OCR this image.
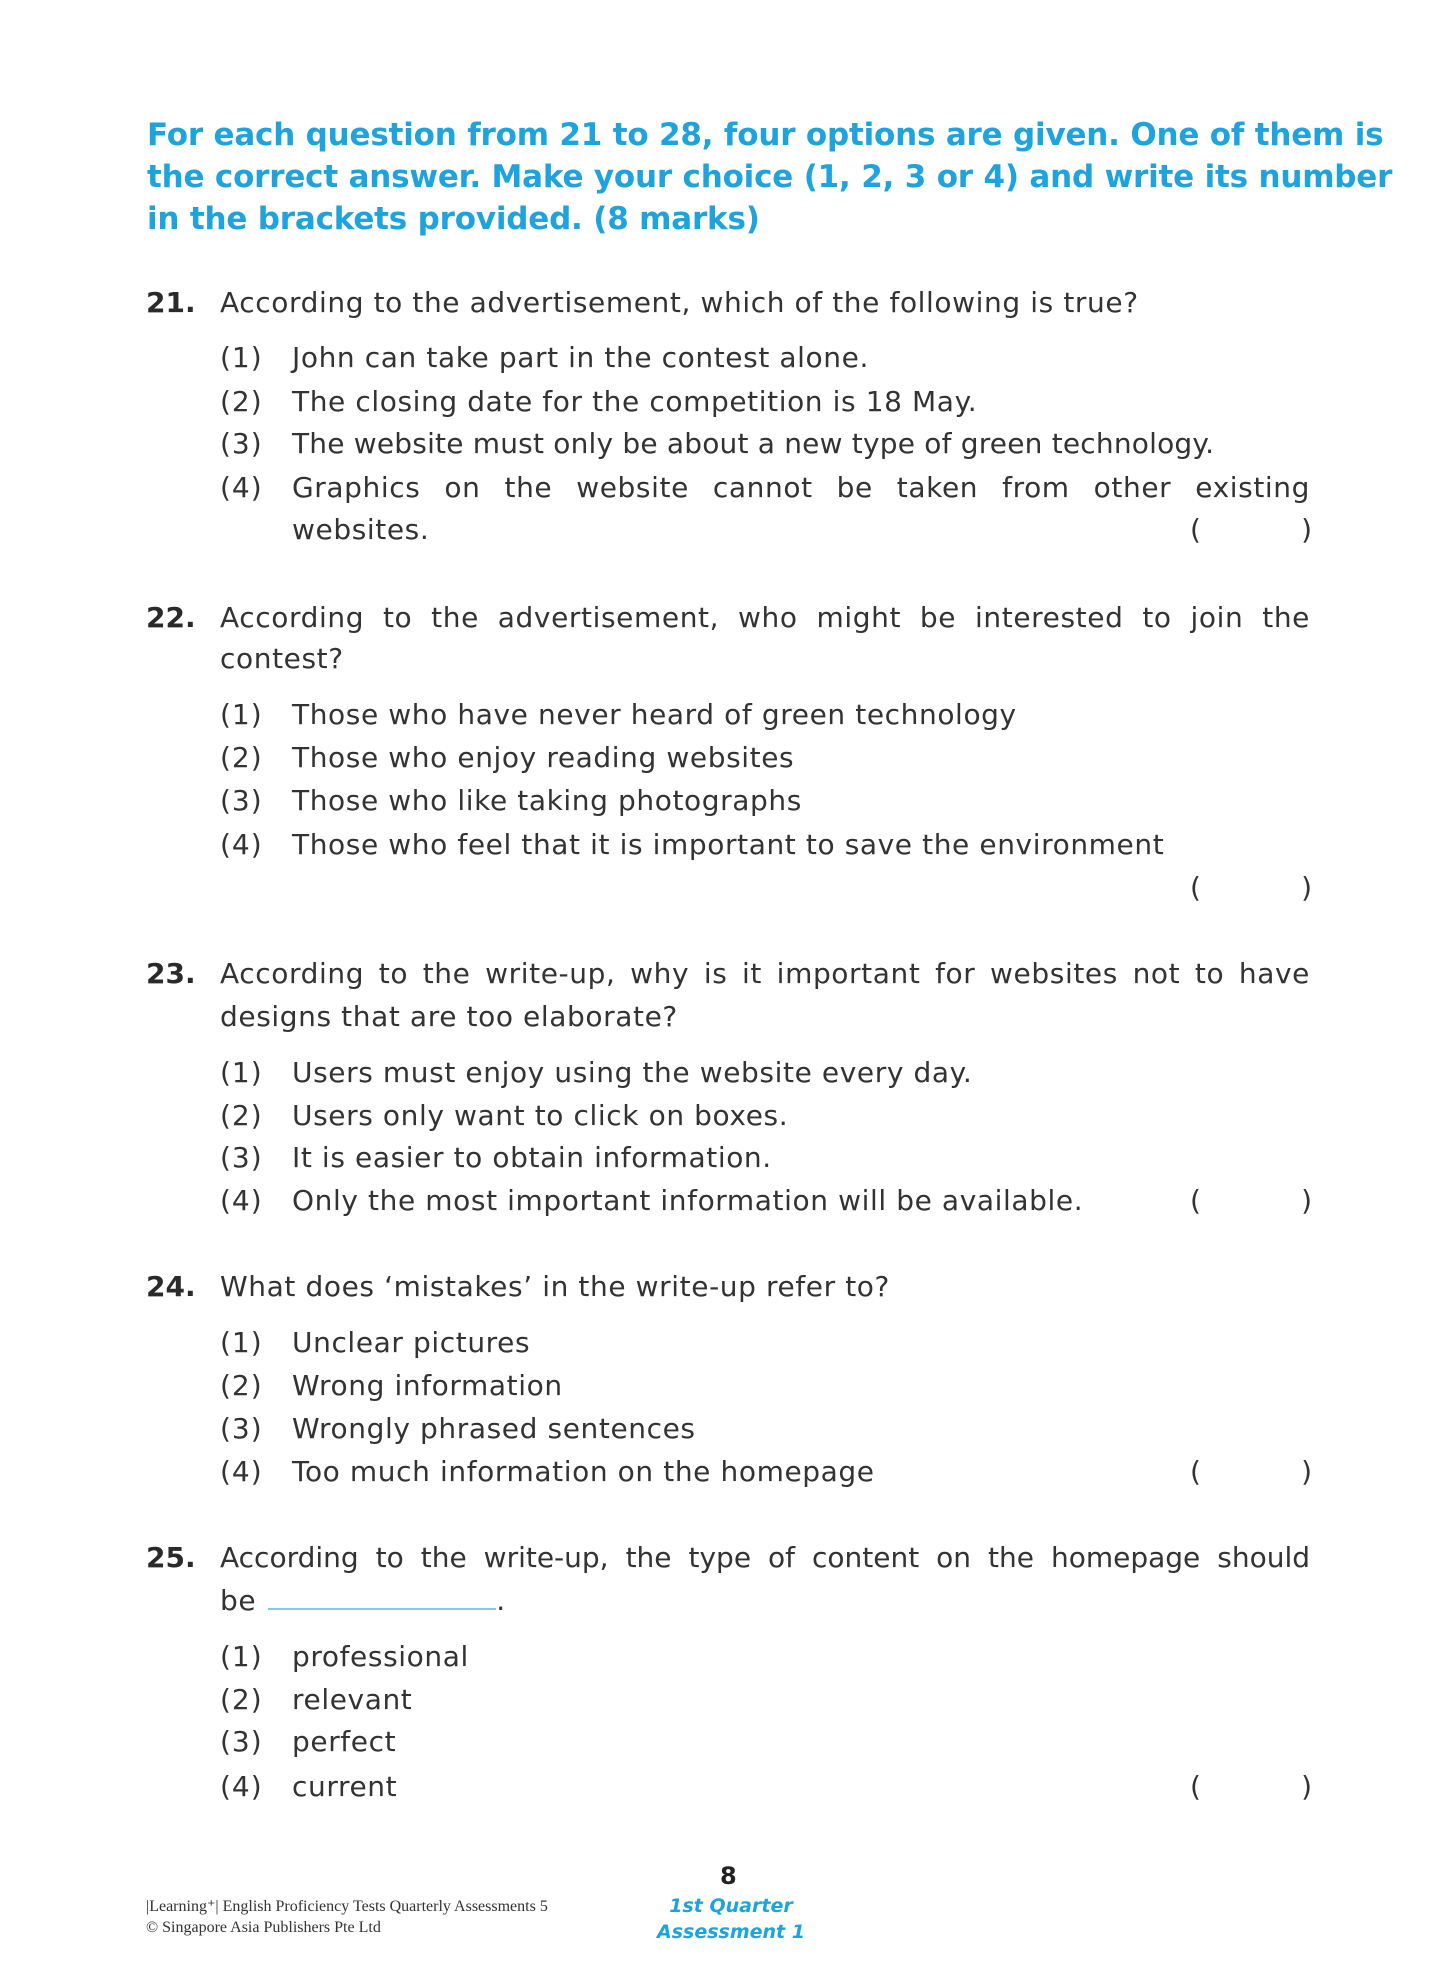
For each question from 21 to 28, four options are given. One of them is
the correct answer. Make your choice (1, 2, 3 or 4) and write its number
in the brackets provided. (8 marks)
21. According to the advertisement, which of the following is true?
(1) John can take part in the contest alone.
(2) The closing date for the competition is 18 May.
(3) The website must only be about a new type of green technology.
(4) Graphics on the website cannot be taken from other existing
websites.	(	)
22. According to the advertisement, who might be interested to join the
contest?
(1) Those who have never heard of green technology
(2) Those who enjoy reading websites
(3) Those who like taking photographs
(4) Those who feel that it is important to save the environment
(	)
23. According to the write-up, why is it important for websites not to have
designs that are too elaborate?
(1) Users must enjoy using the website every day.
(2) Users only want to click on boxes.
(3) It is easier to obtain information.
(4) Only the most important information will be available.	(	)
24. What does ‘mistakes’ in the write-up refer to?
(1) Unclear pictures
(2) Wrong information
(3) Wrongly phrased sentences
(4) Too much information on the homepage	(	)
25. According to the write-up, the type of content on the homepage should
be	.
(1) professional
(2) relevant
(3) perfect
(4) current	(	)
|Learning⁺| English Proficiency Tests Quarterly Assessments 5
© Singapore Asia Publishers Pte Ltd
8
1st Quarter
Assessment 1
